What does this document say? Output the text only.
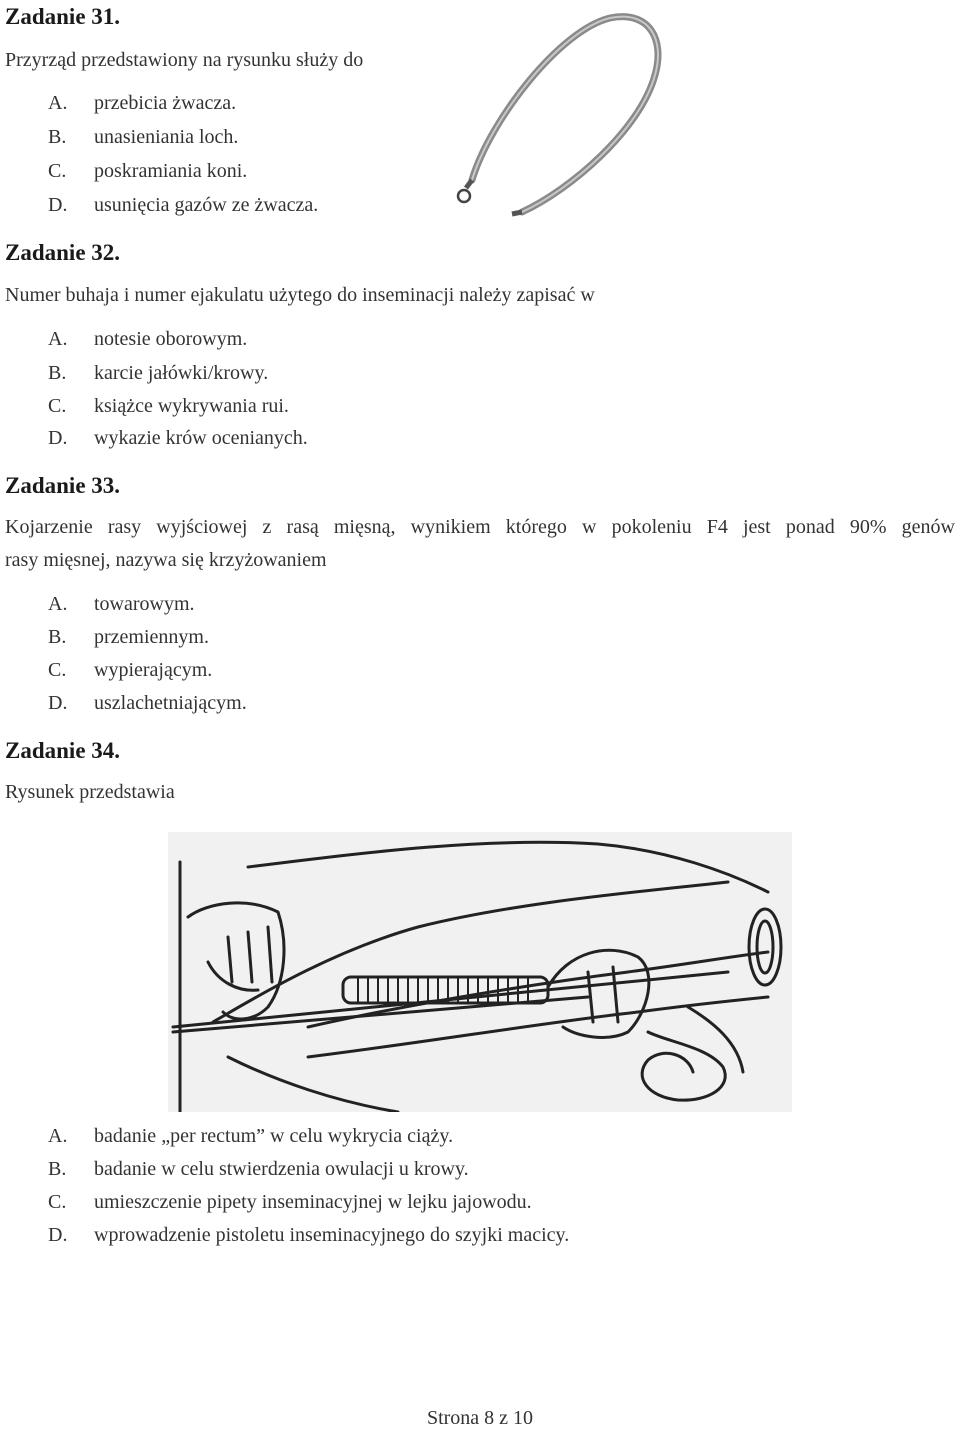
Zadanie 31.

Przyrząd przedstawiony na rysunku służy do

A. przebicia żwacza.
B. unasieniania loch.
C. poskramiania koni.
D. usunięcia gazów ze żwacza.
Zadanie 32.

Numer buhaja i numer ejakulatu użytego do inseminacji należy zapisać w

A. notesie oborowym.
B. karcie jałówki/krowy.
C. książce wykrywania rui.
D. wykazie krów ocenianych.
Zadanie 33.

Kojarzenie rasy wyjściowej z rasą mięsną, wynikiem którego w pokoleniu F4 jest ponad 90% genów

rasy mięsnej, nazywa się krzyżowaniem

A. towarowym.
B. przemiennym.
C. wypierającym.
D. uszlachetniającym.
Zadanie 34.

Rysunek przedstawia

A. badanie „per rectum” w celu wykrycia ciąży.
B. badanie w celu stwierdzenia owulacji u krowy.
C. umieszczenie pipety inseminacyjnej w lejku jajowodu.
D. wprowadzenie pistoletu inseminacyjnego do szyjki macicy.
Strona 8 z 10
